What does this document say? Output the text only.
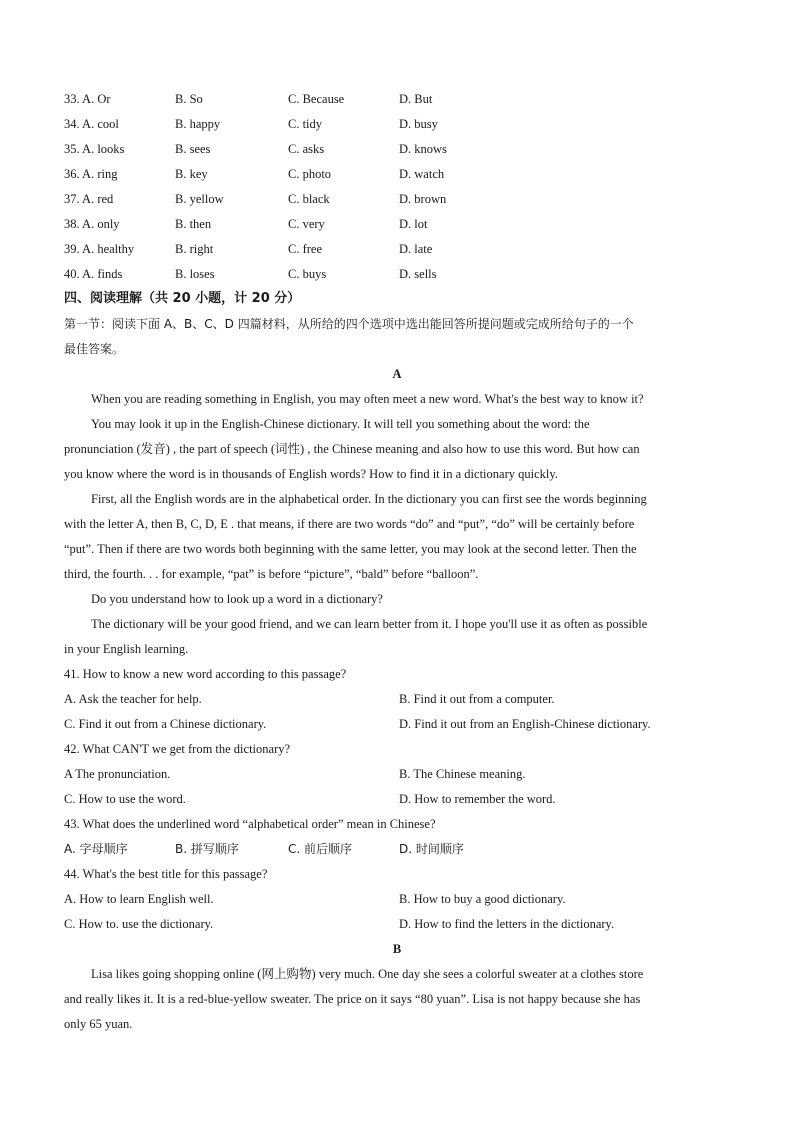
33. A. Or	B. So	C. Because	D. But
34. A. cool	B. happy	C. tidy	D. busy
35. A. looks	B. sees	C. asks	D. knows
36. A. ring	B. key	C. photo	D. watch
37. A. red	B. yellow	C. black	D. brown
38. A. only	B. then	C. very	D. lot
39. A. healthy	B. right	C. free	D. late
40. A. finds	B. loses	C. buys	D. sells
四、阅读理解（共 20 小题，计 20 分）
第一节：阅读下面 A、B、C、D 四篇材料，从所给的四个选项中选出能回答所提问题或完成所给句子的一个
最佳答案。
A
When you are reading something in English, you may often meet a new word. What's the best way to know it?
You may look it up in the English-Chinese dictionary. It will tell you something about the word: the
pronunciation (发音) , the part of speech (词性) , the Chinese meaning and also how to use this word. But how can
you know where the word is in thousands of English words? How to find it in a dictionary quickly.
First, all the English words are in the alphabetical order. In the dictionary you can first see the words beginning
with the letter A, then B, C, D, E . that means, if there are two words “do” and “put”, “do” will be certainly before
“put”. Then if there are two words both beginning with the same letter, you may look at the second letter. Then the
third, the fourth. . . for example, “pat” is before “picture”, “bald” before “balloon”.
Do you understand how to look up a word in a dictionary?
The dictionary will be your good friend, and we can learn better from it. I hope you'll use it as often as possible
in your English learning.
41. How to know a new word according to this passage?
A. Ask the teacher for help.	B. Find it out from a computer.
C. Find it out from a Chinese dictionary.	D. Find it out from an English-Chinese dictionary.
42. What CAN'T we get from the dictionary?
A The pronunciation.	B. The Chinese meaning.
C. How to use the word.	D. How to remember the word.
43. What does the underlined word “alphabetical order” mean in Chinese?
A. 字母顺序	B. 拼写顺序	C. 前后顺序	D. 时间顺序
44. What's the best title for this passage?
A. How to learn English well.	B. How to buy a good dictionary.
C. How to. use the dictionary.	D. How to find the letters in the dictionary.
B
Lisa likes going shopping online (网上购物) very much. One day she sees a colorful sweater at a clothes store
and really likes it. It is a red-blue-yellow sweater. The price on it says “80 yuan”. Lisa is not happy because she has
only 65 yuan.
